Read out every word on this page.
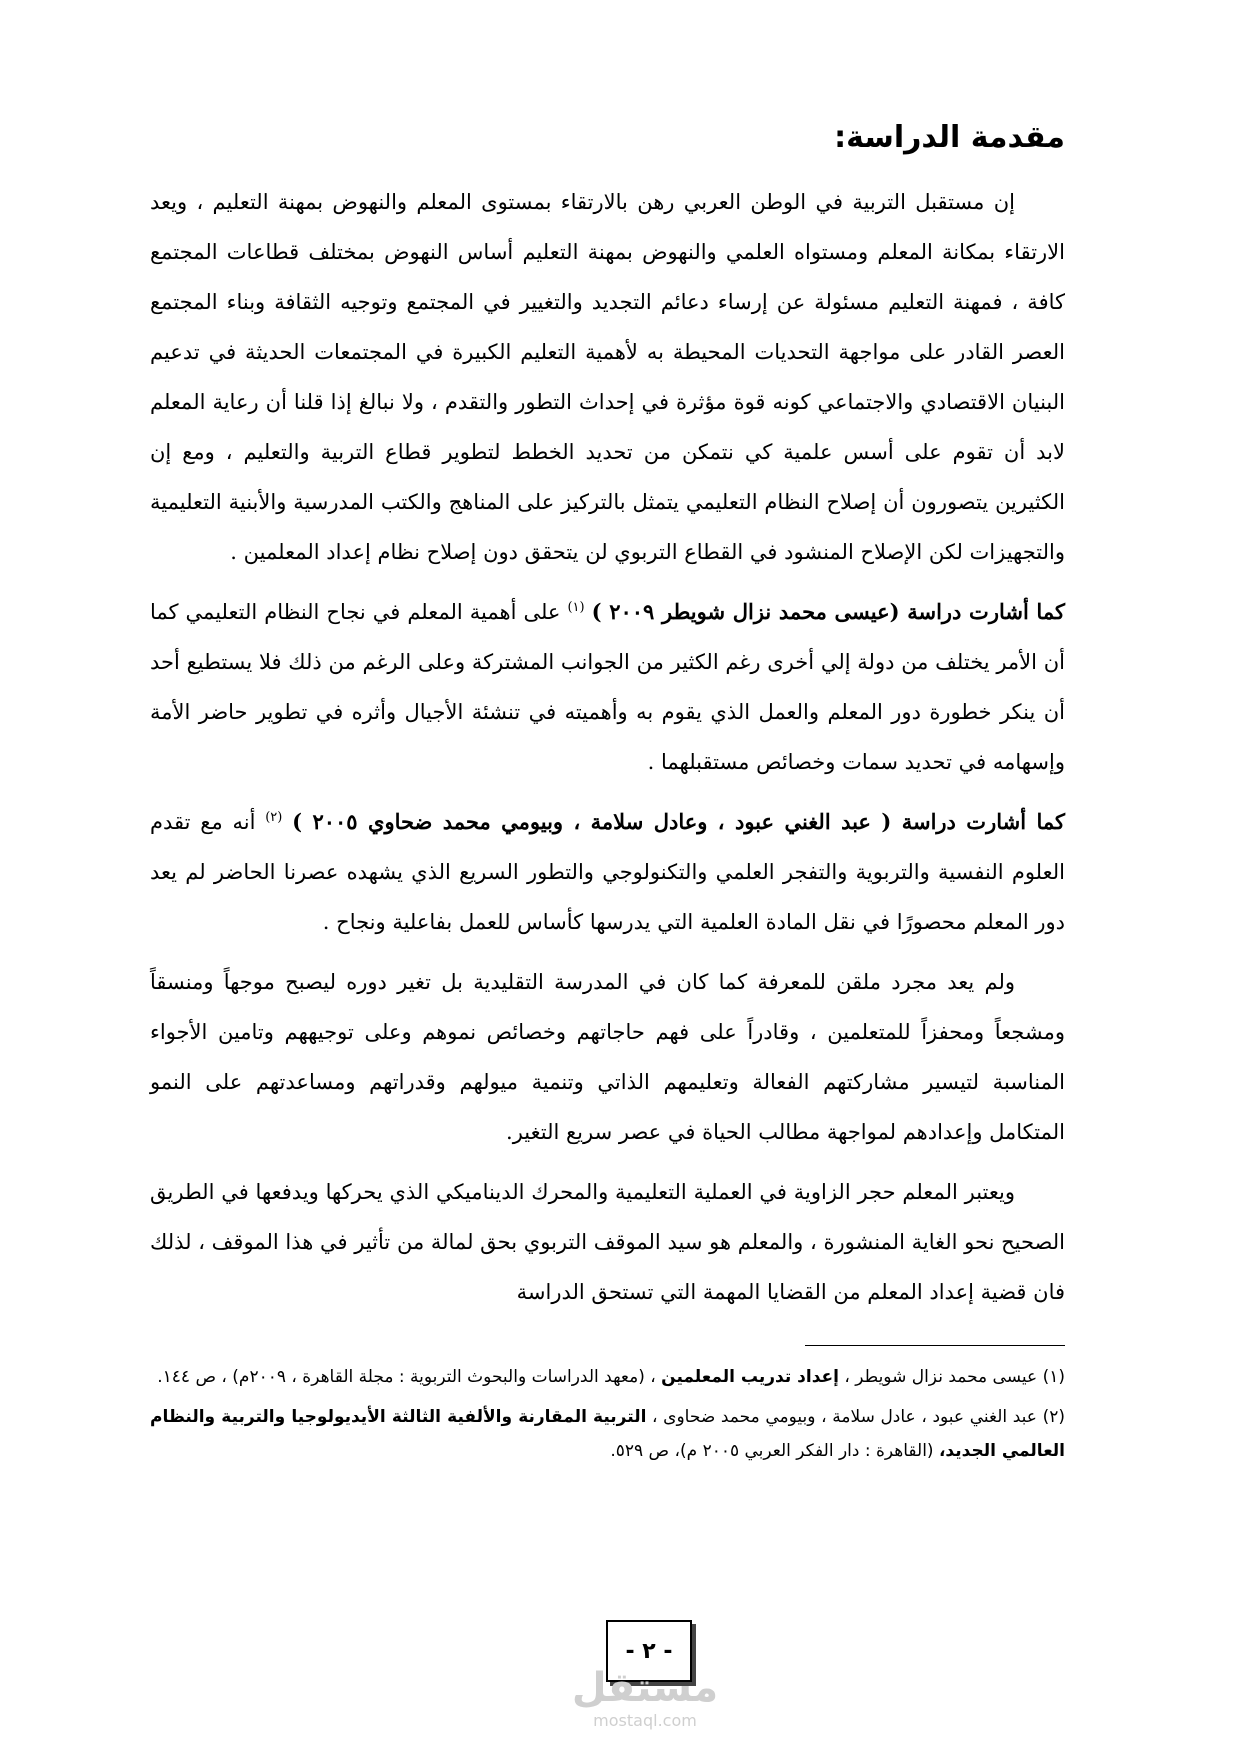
مقدمة الدراسة:

إن مستقبل التربية في الوطن العربي رهن بالارتقاء بمستوى المعلم والنهوض بمهنة التعليم ، ويعد الارتقاء بمكانة المعلم ومستواه العلمي والنهوض بمهنة التعليم أساس النهوض بمختلف قطاعات المجتمع كافة ، فمهنة التعليم مسئولة عن إرساء دعائم التجديد والتغيير في المجتمع وتوجيه الثقافة وبناء المجتمع العصر القادر على مواجهة التحديات المحيطة به لأهمية التعليم الكبيرة في المجتمعات الحديثة في تدعيم البنيان الاقتصادي والاجتماعي كونه قوة مؤثرة في إحداث التطور والتقدم ، ولا نبالغ إذا قلنا أن رعاية المعلم لابد أن تقوم على أسس علمية كي نتمكن من تحديد الخطط لتطوير قطاع التربية والتعليم ، ومع إن الكثيرين يتصورون أن إصلاح النظام التعليمي يتمثل بالتركيز على المناهج والكتب المدرسية والأبنية التعليمية والتجهيزات لكن الإصلاح المنشود في القطاع التربوي لن يتحقق دون إصلاح نظام إعداد المعلمين .

كما أشارت دراسة (عيسى محمد نزال شويطر ٢٠٠٩ ) $^{(١)}$ على أهمية المعلم في نجاح النظام التعليمي كما أن الأمر يختلف من دولة إلي أخرى رغم الكثير من الجوانب المشتركة وعلى الرغم من ذلك فلا يستطيع أحد أن ينكر خطورة دور المعلم والعمل الذي يقوم به وأهميته في تنشئة الأجيال وأثره في تطوير حاضر الأمة وإسهامه في تحديد سمات وخصائص مستقبلهما .

كما أشارت دراسة ( عبد الغني عبود ، وعادل سلامة ، وبيومي محمد ضحاوي ٢٠٠٥ ) $^{(٢)}$ أنه مع تقدم العلوم النفسية والتربوية والتفجر العلمي والتكنولوجي والتطور السريع الذي يشهده عصرنا الحاضر لم يعد دور المعلم محصورًا في نقل المادة العلمية التي يدرسها كأساس للعمل بفاعلية ونجاح .

ولم يعد مجرد ملقن للمعرفة كما كان في المدرسة التقليدية بل تغير دوره ليصبح موجهاً ومنسقاً ومشجعاً ومحفزاً للمتعلمين ، وقادراً على فهم حاجاتهم وخصائص نموهم وعلى توجيههم وتامين الأجواء المناسبة لتيسير مشاركتهم الفعالة وتعليمهم الذاتي وتنمية ميولهم وقدراتهم ومساعدتهم على النمو المتكامل وإعدادهم لمواجهة مطالب الحياة في عصر سريع التغير.

ويعتبر المعلم حجر الزاوية في العملية التعليمية والمحرك الديناميكي الذي يحركها ويدفعها في الطريق الصحيح نحو الغاية المنشورة ، والمعلم هو سيد الموقف التربوي بحق لمالة من تأثير في هذا الموقف ، لذلك فان قضية إعداد المعلم من القضايا المهمة التي تستحق الدراسة

(١) عيسى محمد نزال شويطر ، إعداد تدريب المعلمين ، (معهد الدراسات والبحوث التربوية : مجلة القاهرة ، ٢٠٠٩م) ، ص ١٤٤.

(٢) عبد الغني عبود ، عادل سلامة ، وبيومي محمد ضحاوى ، التربية المقارنة والألفية الثالثة الأيديولوجيا والتربية والنظام العالمي الجديد، (القاهرة : دار الفكر العربي ٢٠٠٥ م)، ص ٥٢٩.

- ٢ -
مستقل
mostaql.com
